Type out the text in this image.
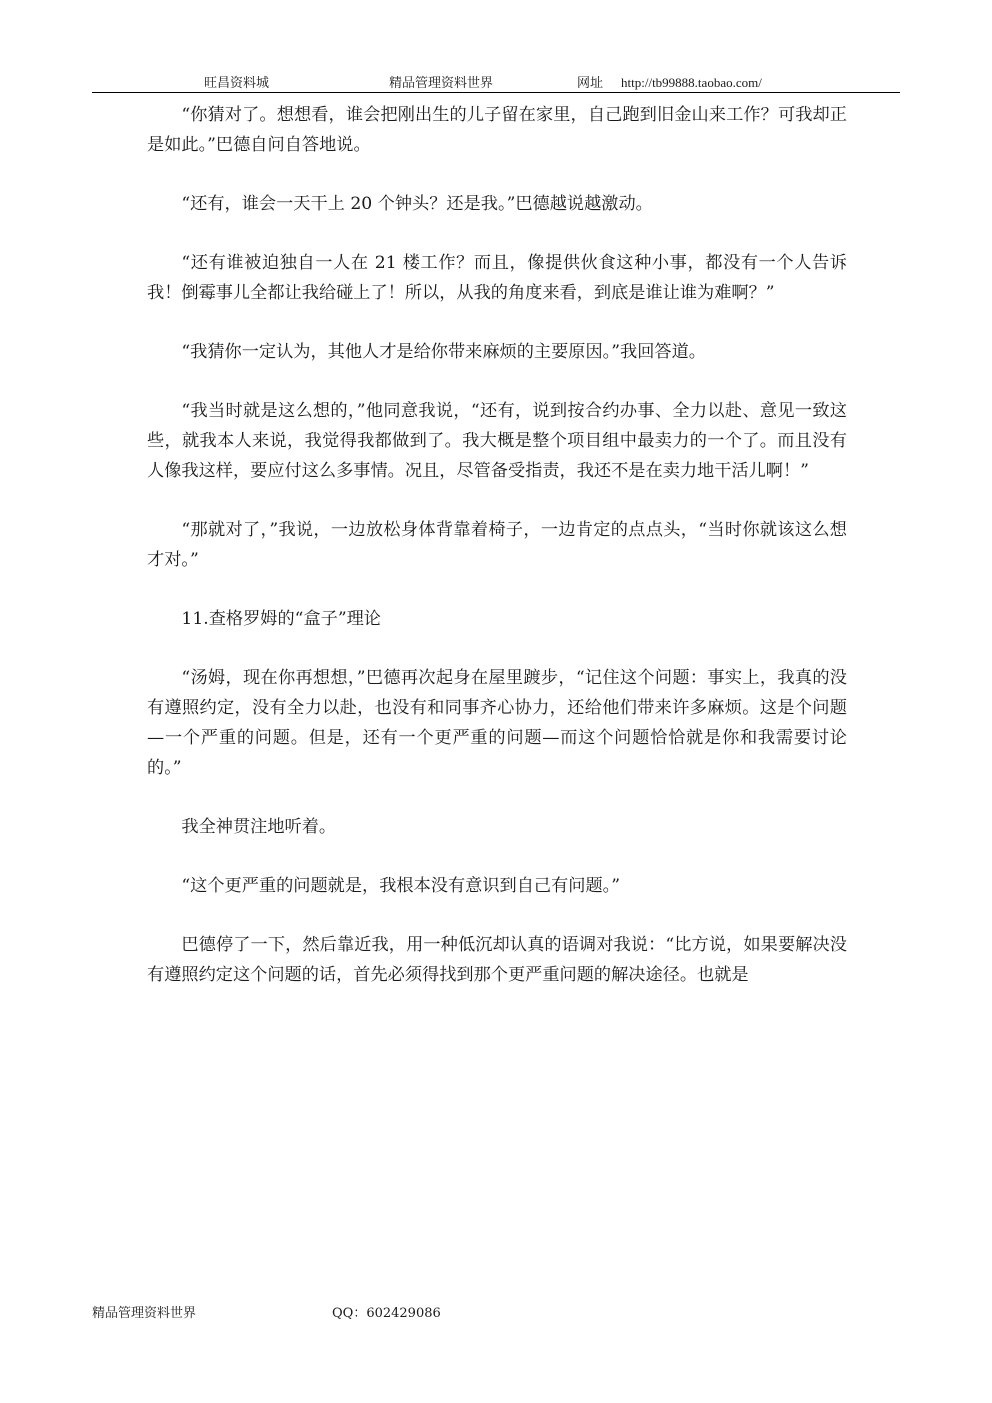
旺昌资料城	精品管理资料世界	网址 http://tb99888.taobao.com/

“你猜对了。想想看，谁会把刚出生的儿子留在家里，自己跑到旧金山来工作？可我却正是如此。”巴德自问自答地说。

“还有，谁会一天干上 20 个钟头？还是我。”巴德越说越激动。

“还有谁被迫独自一人在 21 楼工作？而且，像提供伙食这种小事，都没有一个人告诉我！倒霉事儿全都让我给碰上了！所以，从我的角度来看，到底是谁让谁为难啊？”

“我猜你一定认为，其他人才是给你带来麻烦的主要原因。”我回答道。

“我当时就是这么想的，”他同意我说，“还有，说到按合约办事、全力以赴、意见一致这些，就我本人来说，我觉得我都做到了。我大概是整个项目组中最卖力的一个了。而且没有人像我这样，要应付这么多事情。况且，尽管备受指责，我还不是在卖力地干活儿啊！”

“那就对了，”我说，一边放松身体背靠着椅子，一边肯定的点点头，“当时你就该这么想才对。”

11.查格罗姆的“盒子”理论

“汤姆，现在你再想想，”巴德再次起身在屋里踱步，“记住这个问题：事实上，我真的没有遵照约定，没有全力以赴，也没有和同事齐心协力，还给他们带来许多麻烦。这是个问题—一个严重的问题。但是，还有一个更严重的问题—而这个问题恰恰就是你和我需要讨论的。”

我全神贯注地听着。

“这个更严重的问题就是，我根本没有意识到自己有问题。”

巴德停了一下，然后靠近我，用一种低沉却认真的语调对我说：“比方说，如果要解决没有遵照约定这个问题的话，首先必须得找到那个更严重问题的解决途径。也就是

精品管理资料世界	QQ：602429086
